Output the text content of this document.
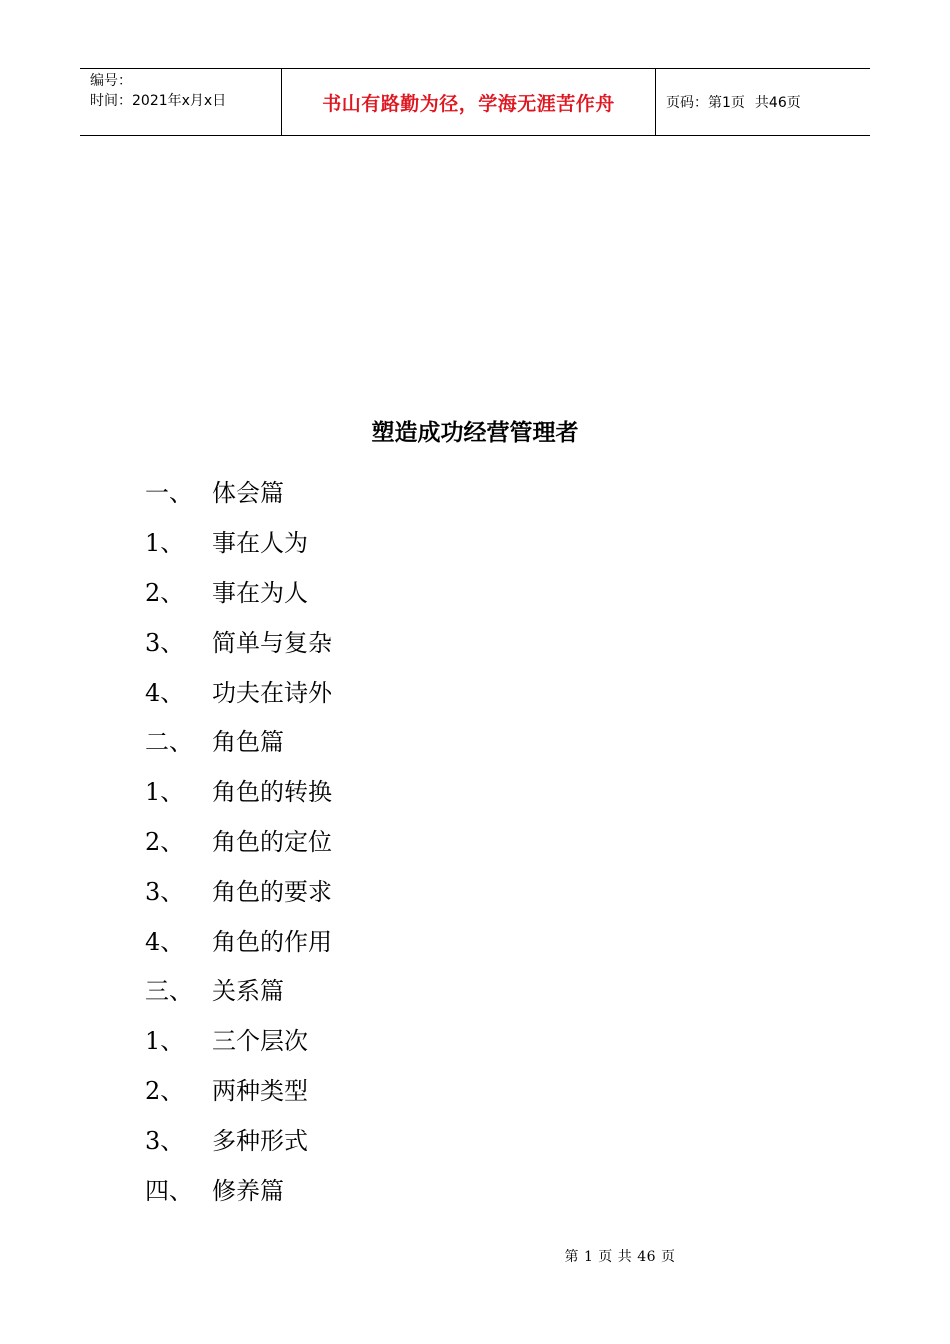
编号：
时间：2021年x月x日	书山有路勤为径，学海无涯苦作舟	页码：第1页 共46页
塑造成功经营管理者
一、 体会篇
1、	事在人为
2、	事在为人
3、	简单与复杂
4、	功夫在诗外
二、 角色篇
1、	角色的转换
2、	角色的定位
3、	角色的要求
4、	角色的作用
三、 关系篇
1、	三个层次
2、	两种类型
3、	多种形式
四、 修养篇
第 1 页 共 46 页
